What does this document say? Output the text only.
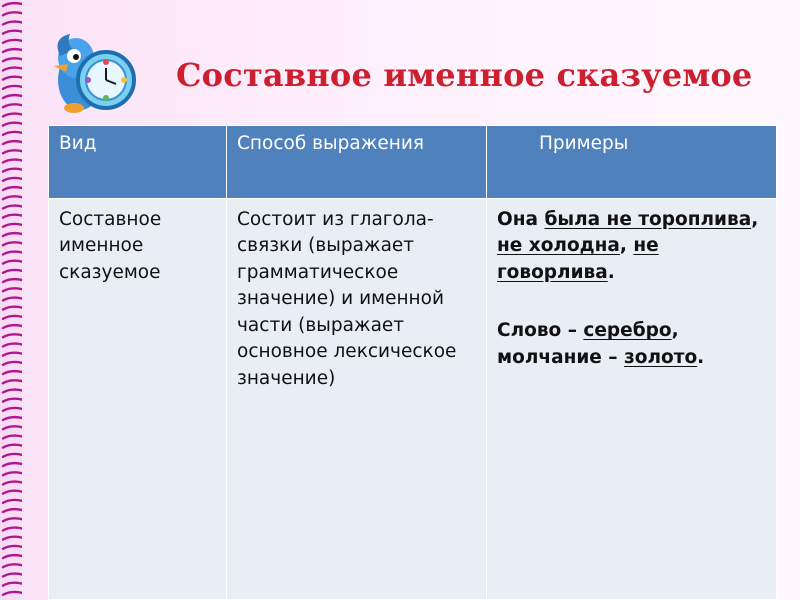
Составное именное сказуемое
Вид	Способ выражения	Примеры
Составное именное сказуемое	Состоит из глагола-связки (выражает грамматическое значение) и именной части (выражает основное лексическое значение)	Она была не тороплива, не холодна, не говорлива.
Слово – серебро, молчание – золото.
